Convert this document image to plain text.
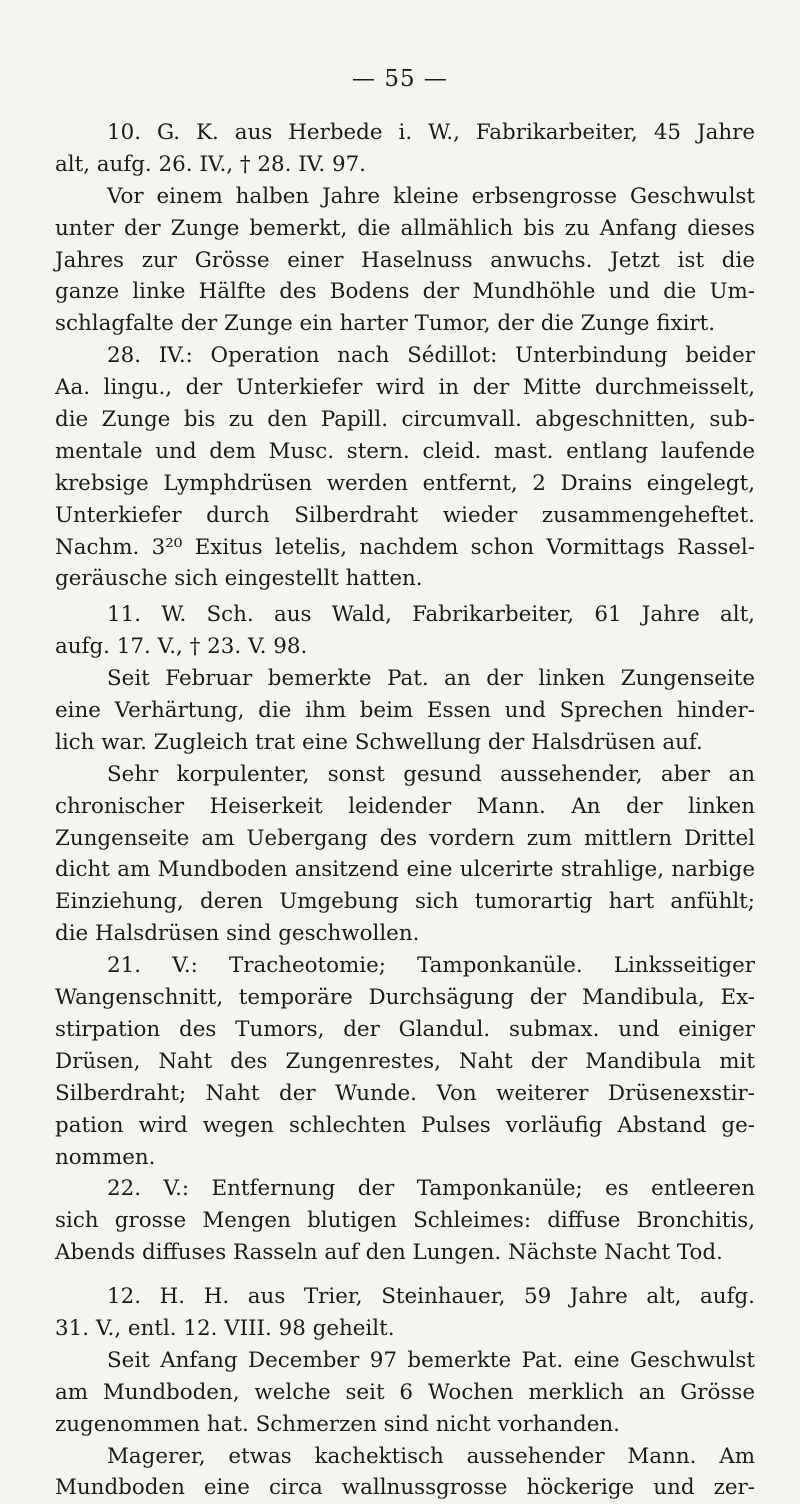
— 55 —
10. G. K. aus Herbede i. W., Fabrikarbeiter, 45 Jahre
alt, aufg. 26. IV., † 28. IV. 97.
Vor einem halben Jahre kleine erbsengrosse Geschwulst
unter der Zunge bemerkt, die allmählich bis zu Anfang dieses
Jahres zur Grösse einer Haselnuss anwuchs. Jetzt ist die
ganze linke Hälfte des Bodens der Mundhöhle und die Um-
schlagfalte der Zunge ein harter Tumor, der die Zunge fixirt.
28. IV.: Operation nach Sédillot: Unterbindung beider
Aa. lingu., der Unterkiefer wird in der Mitte durchmeisselt,
die Zunge bis zu den Papill. circumvall. abgeschnitten, sub-
mentale und dem Musc. stern. cleid. mast. entlang laufende
krebsige Lymphdrüsen werden entfernt, 2 Drains eingelegt,
Unterkiefer durch Silberdraht wieder zusammengeheftet.
Nachm. 3²⁰ Exitus letelis, nachdem schon Vormittags Rassel-
geräusche sich eingestellt hatten.
11. W. Sch. aus Wald, Fabrikarbeiter, 61 Jahre alt,
aufg. 17. V., † 23. V. 98.
Seit Februar bemerkte Pat. an der linken Zungenseite
eine Verhärtung, die ihm beim Essen und Sprechen hinder-
lich war. Zugleich trat eine Schwellung der Halsdrüsen auf.
Sehr korpulenter, sonst gesund aussehender, aber an
chronischer Heiserkeit leidender Mann. An der linken
Zungenseite am Uebergang des vordern zum mittlern Drittel
dicht am Mundboden ansitzend eine ulcerirte strahlige, narbige
Einziehung, deren Umgebung sich tumorartig hart anfühlt;
die Halsdrüsen sind geschwollen.
21. V.: Tracheotomie; Tamponkanüle. Linksseitiger
Wangenschnitt, temporäre Durchsägung der Mandibula, Ex-
stirpation des Tumors, der Glandul. submax. und einiger
Drüsen, Naht des Zungenrestes, Naht der Mandibula mit
Silberdraht; Naht der Wunde. Von weiterer Drüsenexstir-
pation wird wegen schlechten Pulses vorläufig Abstand ge-
nommen.
22. V.: Entfernung der Tamponkanüle; es entleeren
sich grosse Mengen blutigen Schleimes: diffuse Bronchitis,
Abends diffuses Rasseln auf den Lungen. Nächste Nacht Tod.
12. H. H. aus Trier, Steinhauer, 59 Jahre alt, aufg.
31. V., entl. 12. VIII. 98 geheilt.
Seit Anfang December 97 bemerkte Pat. eine Geschwulst
am Mundboden, welche seit 6 Wochen merklich an Grösse
zugenommen hat. Schmerzen sind nicht vorhanden.
Magerer, etwas kachektisch aussehender Mann. Am
Mundboden eine circa wallnussgrosse höckerige und zer-
